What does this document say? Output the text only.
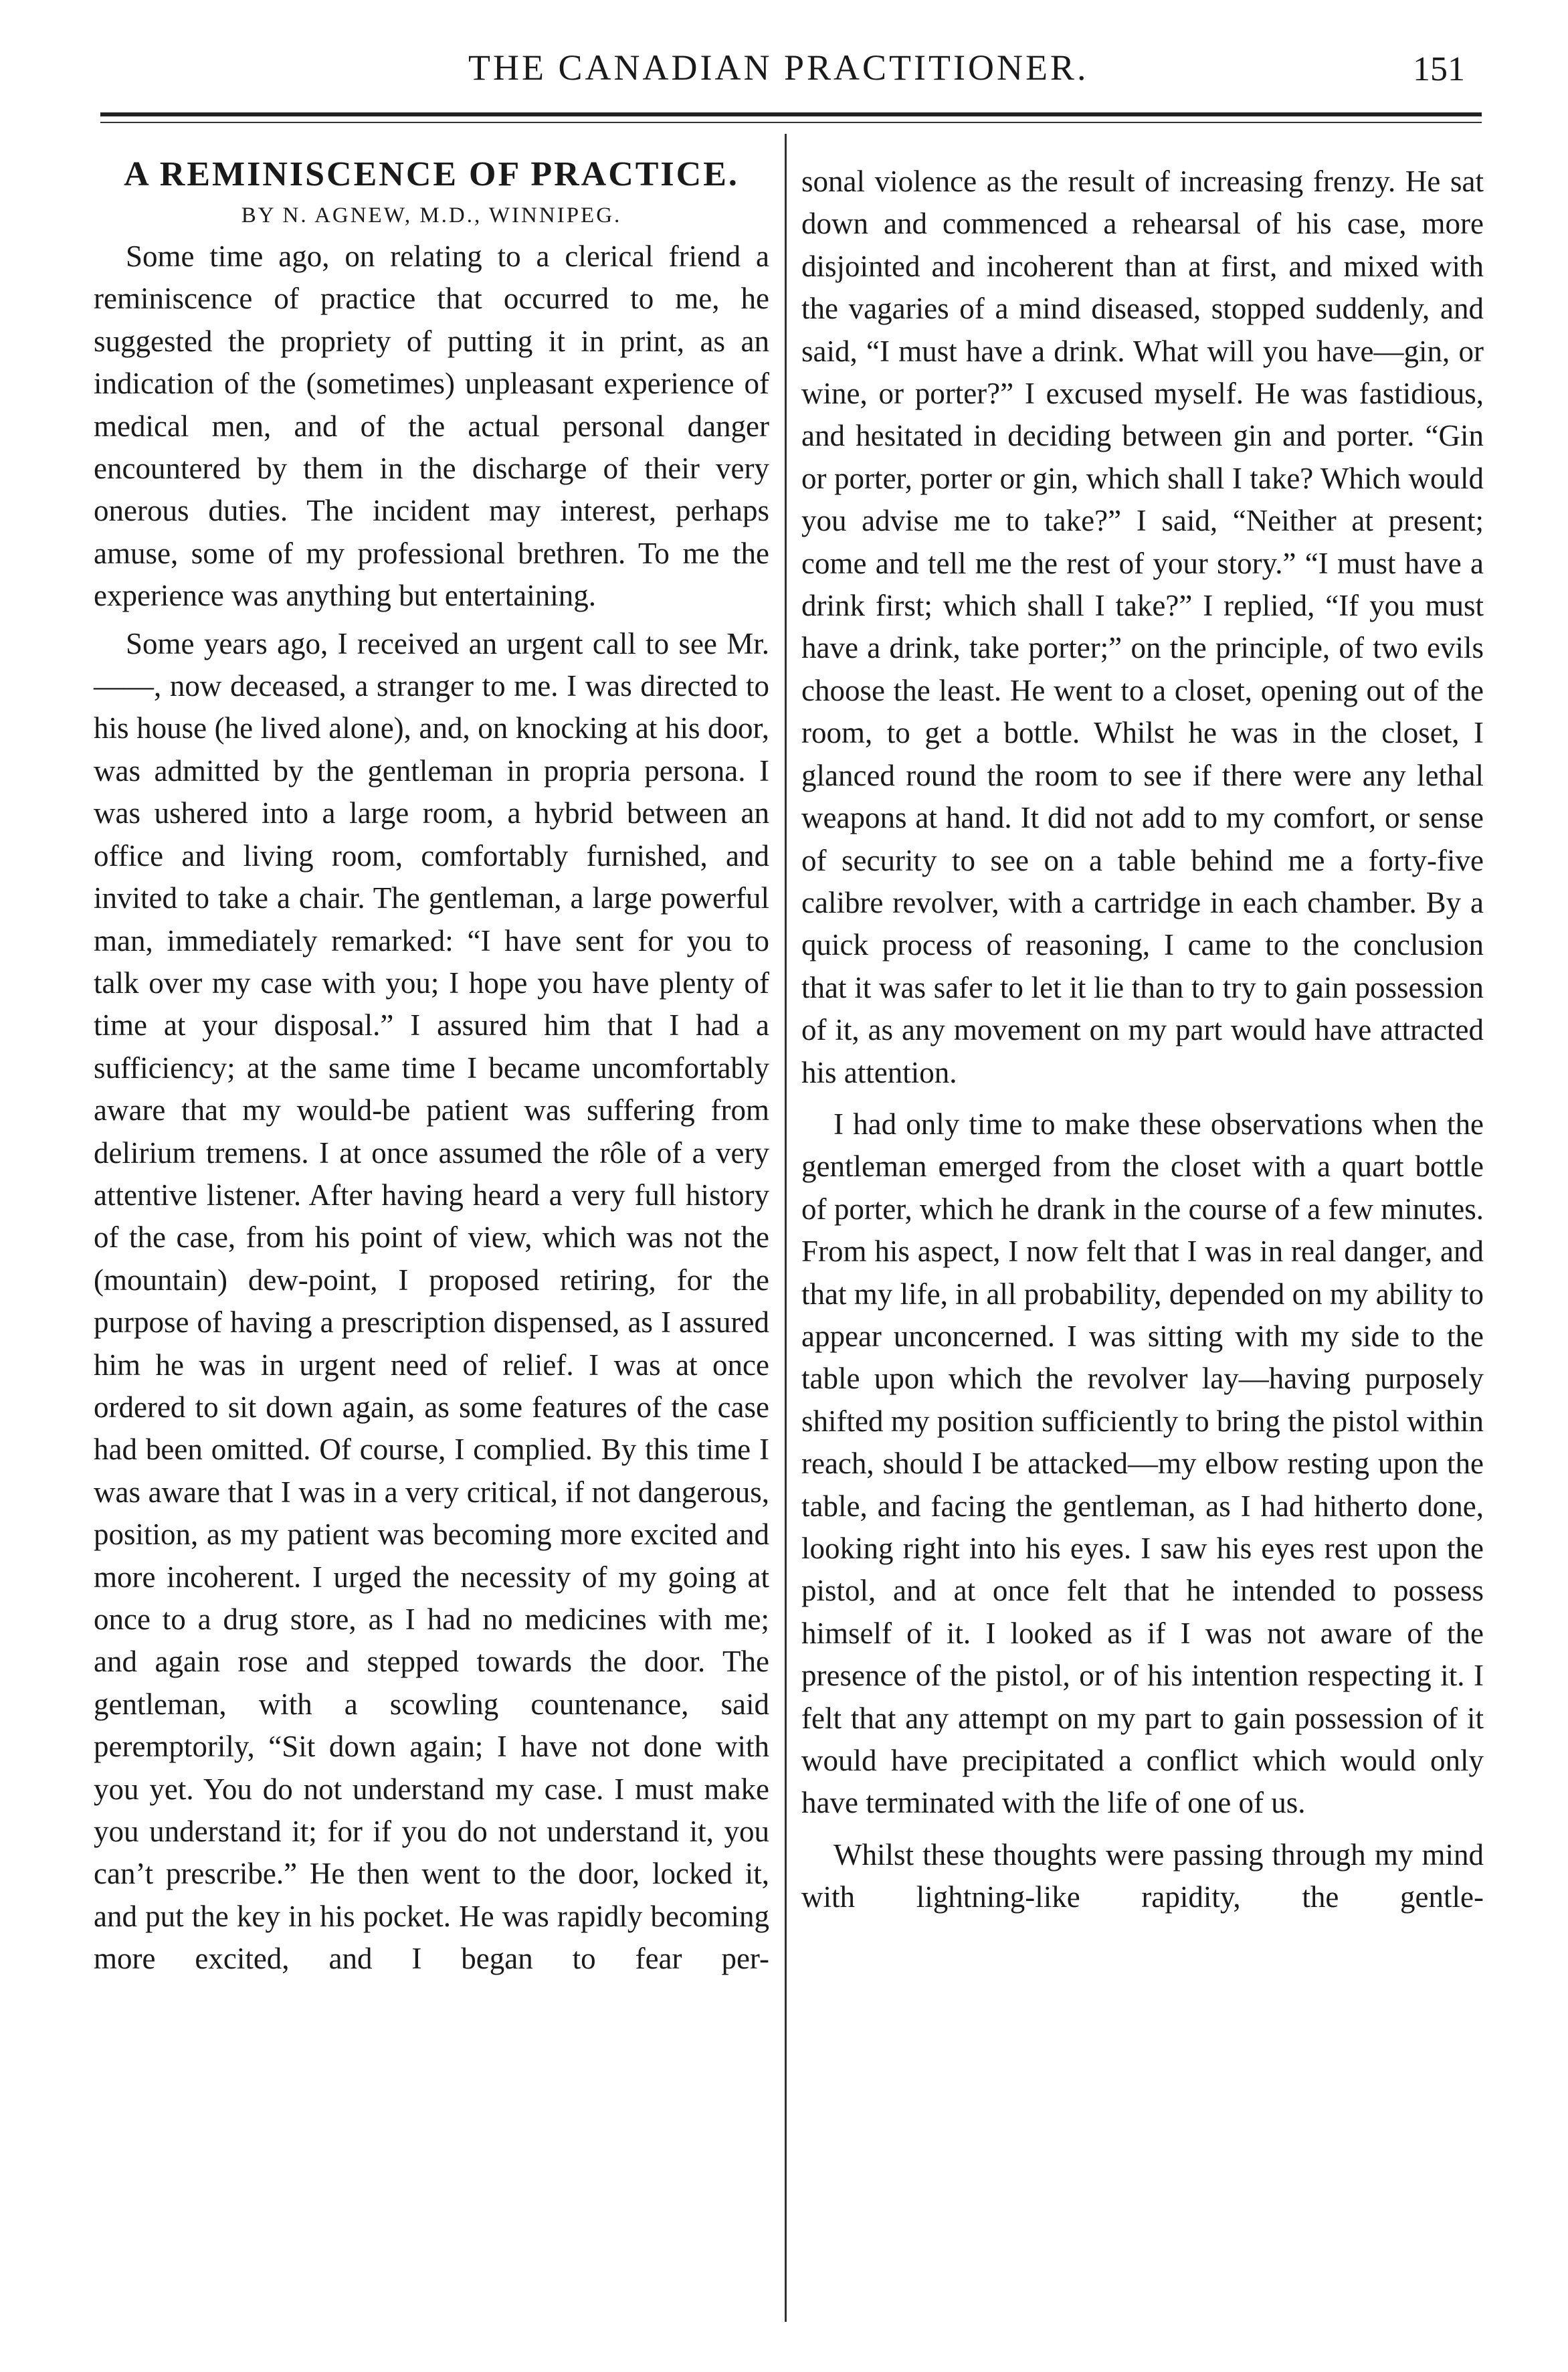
THE CANADIAN PRACTITIONER.	151
A REMINISCENCE OF PRACTICE.

BY N. AGNEW, M.D., WINNIPEG.

Some time ago, on relating to a clerical friend a reminiscence of practice that occurred to me, he suggested the propriety of putting it in print, as an indication of the (sometimes) unpleasant experience of medical men, and of the actual personal danger encountered by them in the discharge of their very onerous duties. The incident may interest, perhaps amuse, some of my professional brethren. To me the experience was anything but entertaining.

Some years ago, I received an urgent call to see Mr. ——, now deceased, a stranger to me. I was directed to his house (he lived alone), and, on knocking at his door, was admitted by the gentleman in propria persona. I was ushered into a large room, a hybrid between an office and living room, comfortably furnished, and invited to take a chair. The gentleman, a large powerful man, immediately remarked: “I have sent for you to talk over my case with you; I hope you have plenty of time at your disposal.” I assured him that I had a sufficiency; at the same time I became uncomfortably aware that my would-be patient was suffering from delirium tremens. I at once assumed the rôle of a very attentive listener. After having heard a very full history of the case, from his point of view, which was not the (mountain) dew-point, I proposed retiring, for the purpose of having a prescription dispensed, as I assured him he was in urgent need of relief. I was at once ordered to sit down again, as some features of the case had been omitted. Of course, I complied. By this time I was aware that I was in a very critical, if not dangerous, position, as my patient was becoming more excited and more incoherent. I urged the necessity of my going at once to a drug store, as I had no medicines with me; and again rose and stepped towards the door. The gentleman, with a scowling countenance, said peremptorily, “Sit down again; I have not done with you yet. You do not understand my case. I must make you understand it; for if you do not understand it, you can’t prescribe.” He then went to the door, locked it, and put the key in his pocket. He was rapidly becoming more excited, and I began to fear per-

sonal violence as the result of increasing frenzy. He sat down and commenced a rehearsal of his case, more disjointed and incoherent than at first, and mixed with the vagaries of a mind diseased, stopped suddenly, and said, “I must have a drink. What will you have—gin, or wine, or porter?” I excused myself. He was fastidious, and hesitated in deciding between gin and porter. “Gin or porter, porter or gin, which shall I take? Which would you advise me to take?” I said, “Neither at present; come and tell me the rest of your story.” “I must have a drink first; which shall I take?” I replied, “If you must have a drink, take porter;” on the principle, of two evils choose the least. He went to a closet, opening out of the room, to get a bottle. Whilst he was in the closet, I glanced round the room to see if there were any lethal weapons at hand. It did not add to my comfort, or sense of security to see on a table behind me a forty-five calibre revolver, with a cartridge in each chamber. By a quick process of reasoning, I came to the conclusion that it was safer to let it lie than to try to gain possession of it, as any movement on my part would have attracted his attention.

I had only time to make these observations when the gentleman emerged from the closet with a quart bottle of porter, which he drank in the course of a few minutes. From his aspect, I now felt that I was in real danger, and that my life, in all probability, depended on my ability to appear unconcerned. I was sitting with my side to the table upon which the revolver lay—having purposely shifted my position sufficiently to bring the pistol within reach, should I be attacked—my elbow resting upon the table, and facing the gentleman, as I had hitherto done, looking right into his eyes. I saw his eyes rest upon the pistol, and at once felt that he intended to possess himself of it. I looked as if I was not aware of the presence of the pistol, or of his intention respecting it. I felt that any attempt on my part to gain possession of it would have precipitated a conflict which would only have terminated with the life of one of us.

Whilst these thoughts were passing through my mind with lightning-like rapidity, the gentle-
